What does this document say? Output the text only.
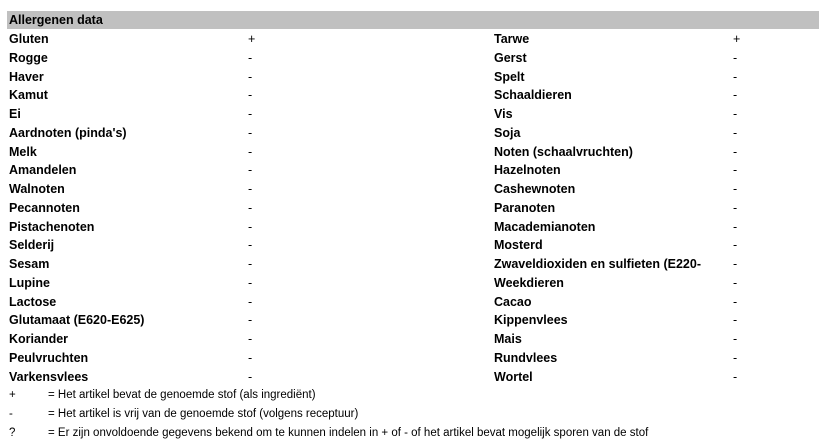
Allergenen data
Gluten	+	Tarwe	+
Rogge	-	Gerst	-
Haver	-	Spelt	-
Kamut	-	Schaaldieren	-
Ei	-	Vis	-
Aardnoten (pinda's)	-	Soja	-
Melk	-	Noten (schaalvruchten)	-
Amandelen	-	Hazelnoten	-
Walnoten	-	Cashewnoten	-
Pecannoten	-	Paranoten	-
Pistachenoten	-	Macademianoten	-
Selderij	-	Mosterd	-
Sesam	-	Zwaveldioxiden en sulfieten (E220-	-
Lupine	-	Weekdieren	-
Lactose	-	Cacao	-
Glutamaat (E620-E625)	-	Kippenvlees	-
Koriander	-	Mais	-
Peulvruchten	-	Rundvlees	-
Varkensvlees	-	Wortel	-
+	= Het artikel bevat de genoemde stof (als ingrediënt)
-	= Het artikel is vrij van de genoemde stof (volgens receptuur)
?	= Er zijn onvoldoende gegevens bekend om te kunnen indelen in + of - of het artikel bevat mogelijk sporen van de stof
